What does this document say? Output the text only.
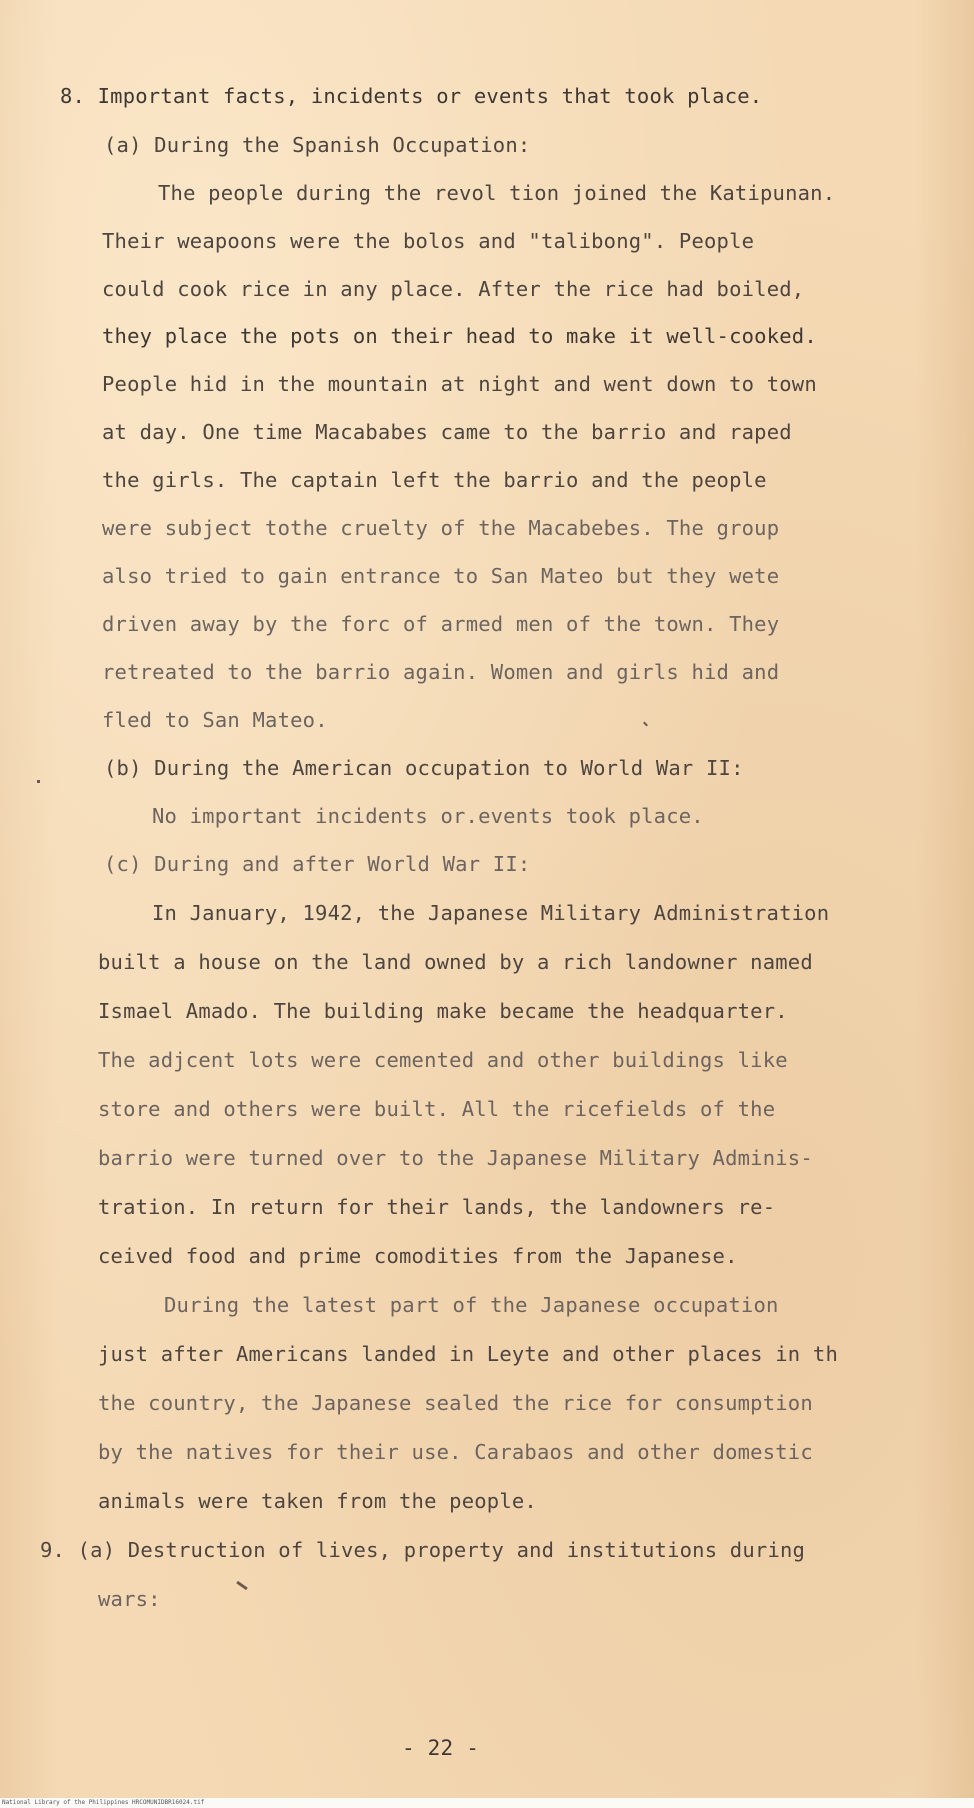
8. Important facts, incidents or events that took place.
(a) During the Spanish Occupation:
The people during the revol tion joined the Katipunan.
Their weapoons were the bolos and "talibong". People
could cook rice in any place. After the rice had boiled,
they place the pots on their head to make it well-cooked.
People hid in the mountain at night and went down to town
at day. One time Macababes came to the barrio and raped
the girls. The captain left the barrio and the people
were subject tothe cruelty of the Macabebes. The group
also tried to gain entrance to San Mateo but they wete
driven away by the forc of armed men of the town. They
retreated to the barrio again. Women and girls hid and
fled to San Mateo.
(b) During the American occupation to World War II:
No important incidents or.events took place.
(c) During and after World War II:
In January, 1942, the Japanese Military Administration
built a house on the land owned by a rich landowner named
Ismael Amado. The building make became the headquarter.
The adjcent lots were cemented and other buildings like
store and others were built. All the ricefields of the
barrio were turned over to the Japanese Military Adminis-
tration. In return for their lands, the landowners re-
ceived food and prime comodities from the Japanese.
During the latest part of the Japanese occupation
just after Americans landed in Leyte and other places in th
the country, the Japanese sealed the rice for consumption
by the natives for their use. Carabaos and other domestic
animals were taken from the people.
9. (a) Destruction of lives, property and institutions during
wars:
- 22 -
National Library of the Philippines HRCOMUNIDBR16024.tif
